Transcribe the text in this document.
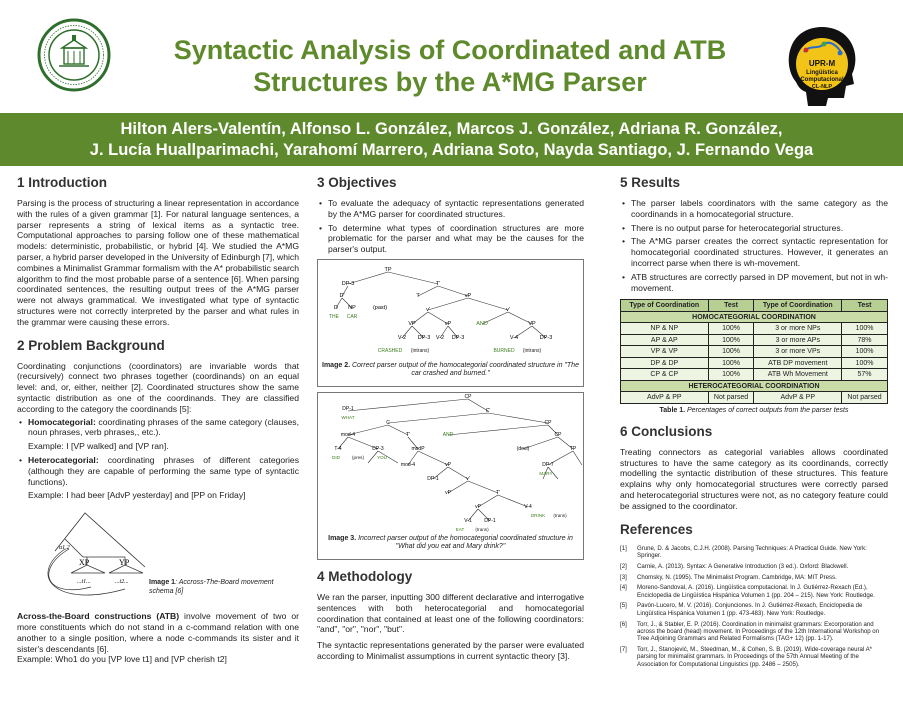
Syntactic Analysis of Coordinated and ATB
Structures by the A*MG Parser
UPR-M
Lingüística
Computacional
CL-NLP
Hilton Alers-Valentín, Alfonso L. González, Marcos J. González, Adriana R. González,
J. Lucía Huallparimachi, Yarahomí Marrero, Adriana Soto, Nayda Santiago, J. Fernando Vega
1 Introduction

Parsing is the process of structuring a linear representation in accordance with the rules of a given grammar [1]. For natural language sentences, a parser represents a string of lexical items as a syntactic tree. Computational approaches to parsing follow one of these mathematical models: deterministic, probabilistic, or hybrid [4]. We studied the A*MG parser, a hybrid parser developed in the University of Edinburgh [7], which combines a Minimalist Grammar formalism with the A* probabilistic search algorithm to find the most probable parse of a sentence [6]. When parsing coordinated sentences, the resulting output trees of the A*MG parser were not always grammatical. We investigated what type of syntactic structures were not correctly interpreted by the parser and what rules in the grammar were causing these errors.

2 Problem Background

Coordinating conjunctions (coordinators) are invariable words that (recursively) connect two phrases together (coordinands) on an equal level: and, or, either, neither [2]. Coordinated structures show the same syntactic distribution as one of the coordinands. They are classified according to the category the coordinands [5]:

• Homocategorial: coordinating phrases of the same category (clauses, noun phrases, verb phrases,, etc.).
Example: I [VP walked] and [VP ran].
• Heterocategorial: coordinating phrases of different categories (although they are capable of performing the same type of syntactic functions).
Example: I had beer [AdvP yesterday] and [PP on Friday]
α1,2
XP	YP
...t1...	...t2...	Image 1: Accross-The-Board movement schema [6]

Across-the-Board constructions (ATB) involve movement of two or more constituents which do not stand in a c-command relation with one another to a single position, where a node c-commands its sister and it sister's descendants [6].

Example: Who1 do you [VP love t1] and [VP cherish t2]

3 Objectives
• To evaluate the adequacy of syntactic representations generated by the A*MG parser for coordinated structures.
• To determine what types of coordination structures are more problematic for the parser and what may be the causes for the parser's output.
TP
DP-3	T'
D'	T	vP
D NP	(past)	v'	v'
VP	vP	AND	VP
V-2 DP-3 V-2 DP-3	V-4	DP-3
THE CAR
CRASHED (intrans)	BURNED (intrans)
Image 2. Correct parser output of the homocategorial coordinated structure in "The car crashed and burned."
CP
DP-1	C'
C	CP
mod-4	T'	AND	CP
T-4	DP-3	modP	(decl)	TP
mod-4	vP	DP-7
DP-1	v'
vP	T'
vP	V-4
V-1	DP-1
WHAT
DID	(pres)	YOU
MARY
DRINK (trans)
EAT (trans)
Image 3. Incorrect parser output of the homocategorial coordinated structure in "What did you eat and Mary drink?"
4 Methodology

We ran the parser, inputting 300 different declarative and interrogative sentences with both heterocategorial and homocategorial coordination that contained at least one of the following coordinators: "and", "or", "nor", "but".

The syntactic representations generated by the parser were evaluated according to Minimalist assumptions in current syntactic theory [3].

5 Results
• The parser labels coordinators with the same category as the coordinands in a homocategorial structure.
• There is no output parse for heterocategorial structures.
• The A*MG parser creates the correct syntactic representation for homocategorial coordinated structures. However, it generates an incorrect parse when there is wh-movement.
• ATB structures are correctly parsed in DP movement, but not in wh-movement.
Type of Coordination	Test	Type of Coordination	Test
HOMOCATEGORIAL COORDINATION			
NP & NP	100%	3 or more NPs	100%
AP & AP	100%	3 or more APs	78%
VP & VP	100%	3 or more VPs	100%
DP & DP	100%	ATB DP movement	100%
CP & CP	100%	ATB Wh Movement	57%
HETEROCATEGORIAL COORDINATION			
AdvP & PP	Not parsed	AdvP & PP	Not parsed
Table 1. Percentages of correct outputs from the parser tests
6 Conclusions

Treating connectors as categorial variables allows coordinated structures to have the same category as its coordinands, correctly modelling the syntactic distribution of these structures. This feature explains why only homocategorial structures were correctly parsed and heterocategorial structures were not, as no category feature could be assigned to the coordinator.

References
[1]	Grune, D. & Jacobs, C.J.H. (2008). Parsing Techniques: A Practical Guide. New York: Springer.
[2]	Carnie, A. (2013). Syntax: A Generative Introduction (3 ed.). Oxford: Blackwell.
[3]	Chomsky, N. (1995). The Minimalist Program. Cambridge, MA: MIT Press.
[4]	Moreno-Sandoval, A. (2016). Lingüística computacional. In J. Gutiérrez-Rexach (Ed.), Enciclopedia de Lingüística Hispánica Volumen 1 (pp. 204 – 215). New York: Routledge.
[5]	Pavón-Lucero, M. V. (2016). Conjunciones. In J. Gutiérrez-Rexach, Enciclopedia de Lingüística Hispánica Volumen 1 (pp. 473-483). New York: Routledge.
[6]	Torr, J., & Stabler, E. P. (2016). Coordination in minimalist grammars: Excorporation and across the board (head) movement. In Proceedings of the 12th International Workshop on Tree Adjoining Grammars and Related Formalisms (TAG+ 12) (pp. 1-17).
[7]	Torr, J., Stanojević, M., Steedman, M., & Cohen, S. B. (2019). Wide-coverage neural A* parsing for minimalist grammars. In Proceedings of the 57th Annual Meeting of the Association for Computational Linguistics (pp. 2486 – 2505).
